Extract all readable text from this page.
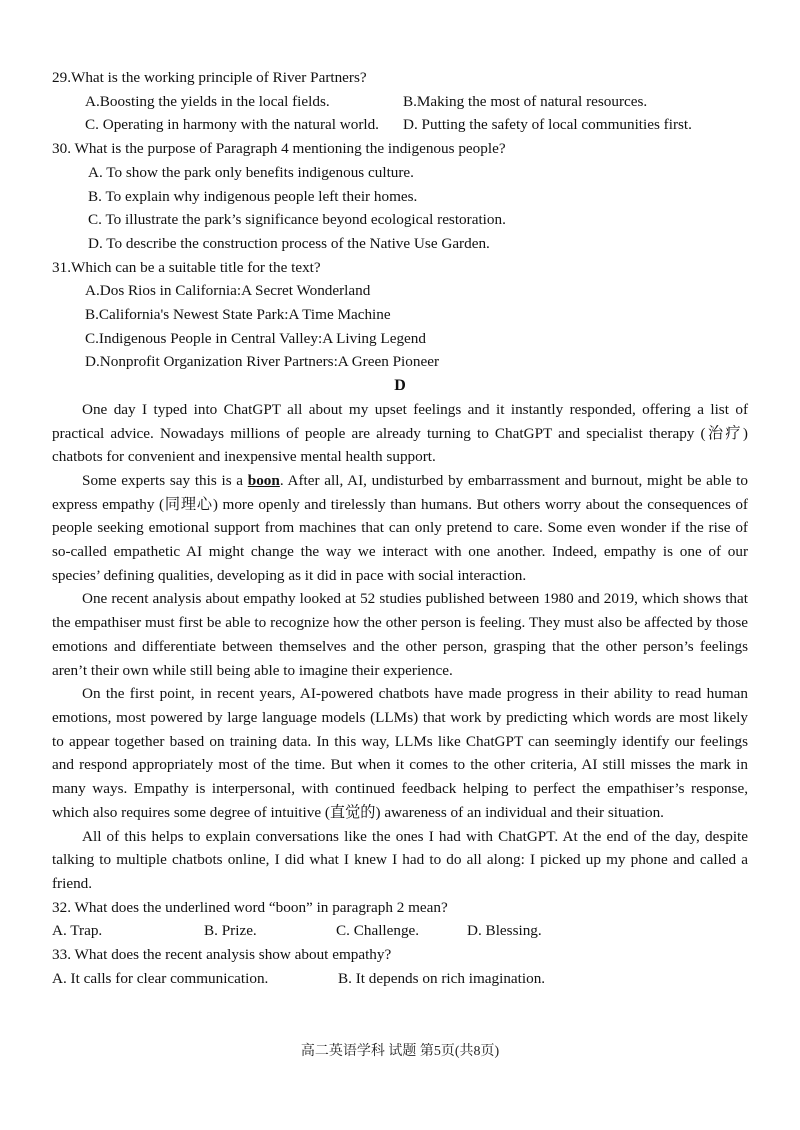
29.What is the working principle of River Partners?

A.Boosting the yields in the local fields.	B.Making the most of natural resources.
C. Operating in harmony with the natural world.	D. Putting the safety of local communities first.

30. What is the purpose of Paragraph 4 mentioning the indigenous people?

A. To show the park only benefits indigenous culture.

B. To explain why indigenous people left their homes.

C. To illustrate the park’s significance beyond ecological restoration.

D. To describe the construction process of the Native Use Garden.

31.Which can be a suitable title for the text?

A.Dos Rios in California:A Secret Wonderland

B.California's Newest State Park:A Time Machine

C.Indigenous People in Central Valley:A Living Legend

D.Nonprofit Organization River Partners:A Green Pioneer

D

One day I typed into ChatGPT all about my upset feelings and it instantly responded, offering a list of practical advice. Nowadays millions of people are already turning to ChatGPT and specialist therapy (治疗) chatbots for convenient and inexpensive mental health support.

Some experts say this is a boon. After all, AI, undisturbed by embarrassment and burnout, might be able to express empathy (同理心) more openly and tirelessly than humans. But others worry about the consequences of people seeking emotional support from machines that can only pretend to care. Some even wonder if the rise of so-called empathetic AI might change the way we interact with one another. Indeed, empathy is one of our species’ defining qualities, developing as it did in pace with social interaction.

One recent analysis about empathy looked at 52 studies published between 1980 and 2019, which shows that the empathiser must first be able to recognize how the other person is feeling. They must also be affected by those emotions and differentiate between themselves and the other person, grasping that the other person’s feelings aren’t their own while still being able to imagine their experience.

On the first point, in recent years, AI-powered chatbots have made progress in their ability to read human emotions, most powered by large language models (LLMs) that work by predicting which words are most likely to appear together based on training data. In this way, LLMs like ChatGPT can seemingly identify our feelings and respond appropriately most of the time. But when it comes to the other criteria, AI still misses the mark in many ways. Empathy is interpersonal, with continued feedback helping to perfect the empathiser’s response, which also requires some degree of intuitive (直觉的) awareness of an individual and their situation.

All of this helps to explain conversations like the ones I had with ChatGPT. At the end of the day, despite talking to multiple chatbots online, I did what I knew I had to do all along: I picked up my phone and called a friend.

32. What does the underlined word “boon” in paragraph 2 mean?

A. Trap.	B. Prize.	C. Challenge.	D. Blessing.

33. What does the recent analysis show about empathy?

A. It calls for clear communication.	B. It depends on rich imagination.
高二英语学科 试题 第5页(共8页)
